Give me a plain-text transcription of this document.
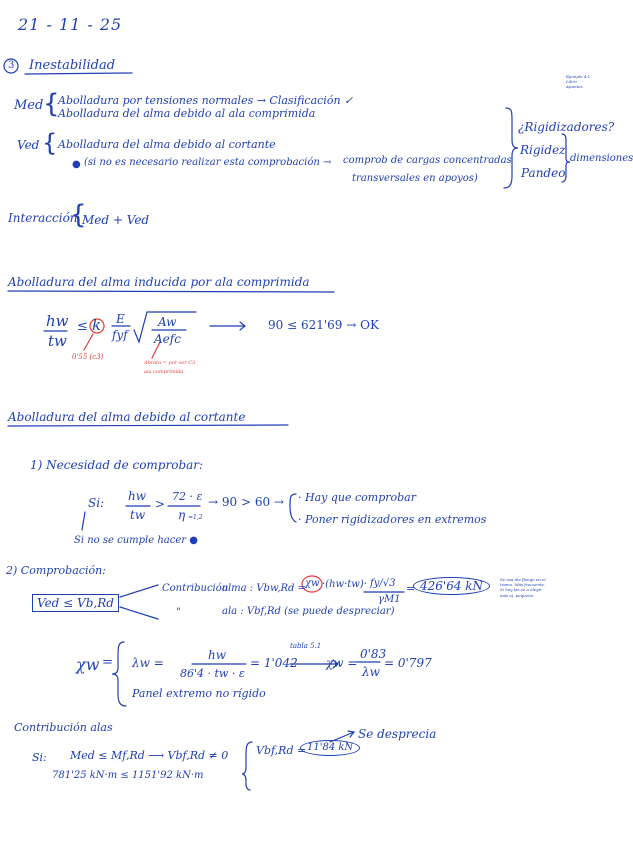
21 - 11 - 25
3 Inestabilidad
Ejemplo 4.1
Libro
Apuntes
Med {
Abolladura por tensiones normales → Clasificación ✓
Abolladura del alma debido al ala comprimida
Ved { Abolladura del alma debido al cortante
● (si no es necesario realizar esta comprobación → comprob de cargas concentradas
transversales en apoyos)
¿Rigidizadores?
Rigidez
Pandeo
dimensiones
Interacción
{
Med + Ved
Abolladura del alma inducida por ala comprimida
hw
tw
≤ k E
fyf
Aw
Aefc
90 ≤ 621'69 → OK
0'55 (c3)
Abrata = por ser C3
ala comprimida
Abolladura del alma debido al cortante
1) Necesidad de comprobar:
Si: hw
tw
>
72 · ε
η =1,2
→ 90 > 60 → · Hay que comprobar
· Poner rigidizadores en extremos
Si no se cumple hacer ●
2) Comprobación:
Ved ≤ Vb,Rd
Contribución
alma : Vbw,Rd = χw ·(hw·tw)· fy/√3
γM1
= 426'64 kN
"	ala : Vbf,Rd (se puede despreciar)
Se usa ala flange en el tramo. Más frecuente. Si hay las se a elegir más ej. pequeño.
χw = λw =
hw
86'4 · tw · ε
= 1'042
tabla 5.1
χw =
0'83
λw
= 0'797
Panel extremo no rígido
Contribución alas
Si: Med ≤ Mf,Rd ⟶ Vbf,Rd ≠ 0
781'25 kN·m ≤ 1151'92 kN·m
Vbf,Rd = 11'84 kN
Se desprecia
